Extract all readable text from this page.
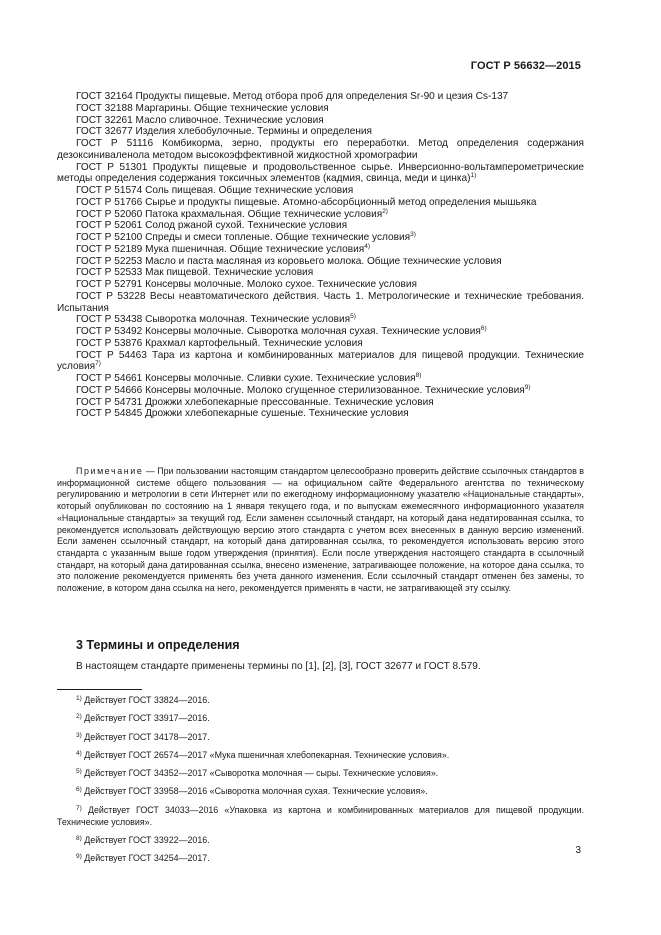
ГОСТ Р 56632—2015

ГОСТ 32164 Продукты пищевые. Метод отбора проб для определения Sr-90 и цезия Cs-137

ГОСТ 32188 Маргарины. Общие технические условия

ГОСТ 32261 Масло сливочное. Технические условия

ГОСТ 32677 Изделия хлебобулочные. Термины и определения

ГОСТ Р 51116 Комбикорма, зерно, продукты его переработки. Метод определения содержания дезоксиниваленола методом высокоэффективной жидкостной хромографии

ГОСТ Р 51301 Продукты пищевые и продовольственное сырье. Инверсионно-вольтамперометрические методы определения содержания токсичных элементов (кадмия, свинца, меди и цинка)$^{1)}$

ГОСТ Р 51574 Соль пищевая. Общие технические условия

ГОСТ Р 51766 Сырье и продукты пищевые. Атомно-абсорбционный метод определения мышьяка

ГОСТ Р 52060 Патока крахмальная. Общие технические условия$^{2)}$

ГОСТ Р 52061 Солод ржаной сухой. Технические условия

ГОСТ Р 52100 Спреды и смеси топленые. Общие технические условия$^{3)}$

ГОСТ Р 52189 Мука пшеничная. Общие технические условия$^{4)}$

ГОСТ Р 52253 Масло и паста масляная из коровьего молока. Общие технические условия

ГОСТ Р 52533 Мак пищевой. Технические условия

ГОСТ Р 52791 Консервы молочные. Молоко сухое. Технические условия

ГОСТ Р 53228 Весы неавтоматического действия. Часть 1. Метрологические и технические требования. Испытания

ГОСТ Р 53438 Сыворотка молочная. Технические условия$^{5)}$

ГОСТ Р 53492 Консервы молочные. Сыворотка молочная сухая. Технические условия$^{6)}$

ГОСТ Р 53876 Крахмал картофельный. Технические условия

ГОСТ Р 54463 Тара из картона и комбинированных материалов для пищевой продукции. Технические условия$^{7)}$

ГОСТ Р 54661 Консервы молочные. Сливки сухие. Технические условия$^{8)}$

ГОСТ Р 54666 Консервы молочные. Молоко сгущенное стерилизованное. Технические условия$^{9)}$

ГОСТ Р 54731 Дрожжи хлебопекарные прессованные. Технические условия

ГОСТ Р 54845 Дрожжи хлебопекарные сушеные. Технические условия

Примечание — При пользовании настоящим стандартом целесообразно проверить действие ссылочных стандартов в информационной системе общего пользования — на официальном сайте Федерального агентства по техническому регулированию и метрологии в сети Интернет или по ежегодному информационному указателю «Национальные стандарты», который опубликован по состоянию на 1 января текущего года, и по выпускам ежемесячного информационного указателя «Национальные стандарты» за текущий год. Если заменен ссылочный стандарт, на который дана недатированная ссылка, то рекомендуется использовать действующую версию этого стандарта с учетом всех внесенных в данную версию изменений. Если заменен ссылочный стандарт, на который дана датированная ссылка, то рекомендуется использовать версию этого стандарта с указанным выше годом утверждения (принятия). Если после утверждения настоящего стандарта в ссылочный стандарт, на который дана датированная ссылка, внесено изменение, затрагивающее положение, на которое дана ссылка, то это положение рекомендуется применять без учета данного изменения. Если ссылочный стандарт отменен без замены, то положение, в котором дана ссылка на него, рекомендуется применять в части, не затрагивающей эту ссылку.
3 Термины и определения
В настоящем стандарте применены термины по [1], [2], [3], ГОСТ 32677 и ГОСТ 8.579.

$^{1)}$ Действует ГОСТ 33824—2016.

$^{2)}$ Действует ГОСТ 33917—2016.

$^{3)}$ Действует ГОСТ 34178—2017.

$^{4)}$ Действует ГОСТ 26574—2017 «Мука пшеничная хлебопекарная. Технические условия».

$^{5)}$ Действует ГОСТ 34352—2017 «Сыворотка молочная — сыры. Технические условия».

$^{6)}$ Действует ГОСТ 33958—2016 «Сыворотка молочная сухая. Технические условия».

$^{7)}$ Действует ГОСТ 34033—2016 «Упаковка из картона и комбинированных материалов для пищевой продукции. Технические условия».

$^{8)}$ Действует ГОСТ 33922—2016.

$^{9)}$ Действует ГОСТ 34254—2017.

3
